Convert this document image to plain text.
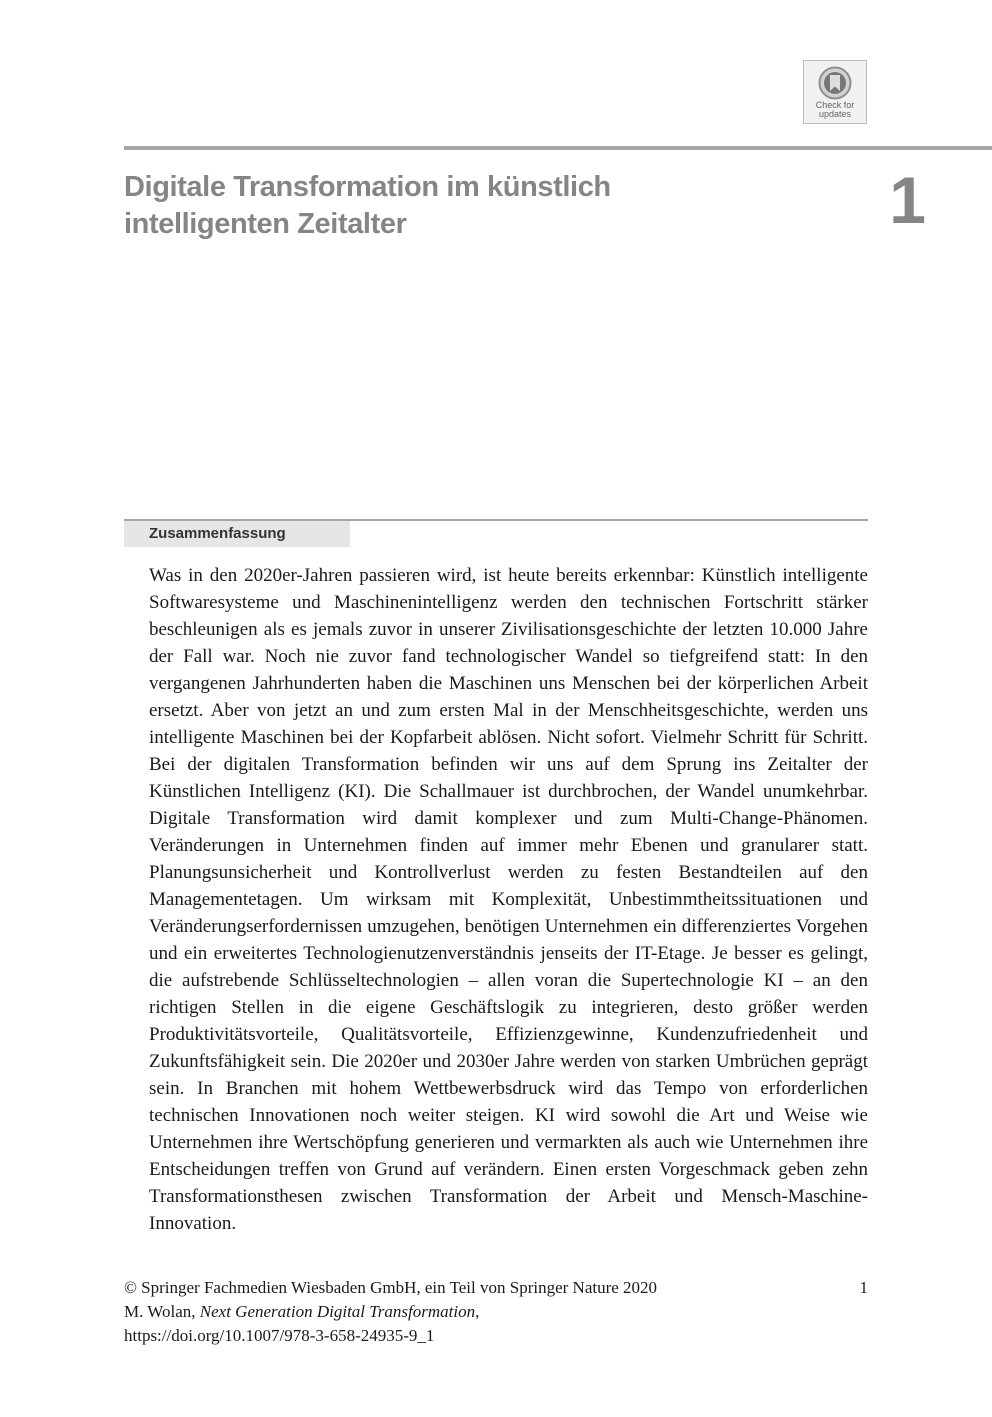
Check for
updates
Digitale Transformation im künstlich intelligenten Zeitalter	1
Zusammenfassung

Was in den 2020er-Jahren passieren wird, ist heute bereits erkennbar: Künstlich intelligente Softwaresysteme und Maschinenintelligenz werden den technischen Fortschritt stärker beschleunigen als es jemals zuvor in unserer Zivilisationsgeschichte der letzten 10.000 Jahre der Fall war. Noch nie zuvor fand technologischer Wandel so tiefgreifend statt: In den vergangenen Jahrhunderten haben die Maschinen uns Menschen bei der körperlichen Arbeit ersetzt. Aber von jetzt an und zum ersten Mal in der Menschheitsgeschichte, werden uns intelligente Maschinen bei der Kopfarbeit ablösen. Nicht sofort. Vielmehr Schritt für Schritt. Bei der digitalen Transformation befinden wir uns auf dem Sprung ins Zeitalter der Künstlichen Intelligenz (KI). Die Schallmauer ist durchbrochen, der Wandel unumkehrbar. Digitale Transformation wird damit komplexer und zum Multi-Change-Phänomen. Veränderungen in Unternehmen finden auf immer mehr Ebenen und granularer statt. Planungsunsicherheit und Kontrollverlust werden zu festen Bestandteilen auf den Managementetagen. Um wirksam mit Komplexität, Unbestimmtheitssituationen und Veränderungserfordernissen umzugehen, benötigen Unternehmen ein differenziertes Vorgehen und ein erweitertes Technologienutzenverständnis jenseits der IT-Etage. Je besser es gelingt, die aufstrebende Schlüsseltechnologien – allen voran die Supertechnologie KI – an den richtigen Stellen in die eigene Geschäftslogik zu integrieren, desto größer werden Produktivitätsvorteile, Qualitätsvorteile, Effizienzgewinne, Kundenzufriedenheit und Zukunftsfähigkeit sein. Die 2020er und 2030er Jahre werden von starken Umbrüchen geprägt sein. In Branchen mit hohem Wettbewerbsdruck wird das Tempo von erforderlichen technischen Innovationen noch weiter steigen. KI wird sowohl die Art und Weise wie Unternehmen ihre Wertschöpfung generieren und vermarkten als auch wie Unternehmen ihre Entscheidungen treffen von Grund auf verändern. Einen ersten Vorgeschmack geben zehn Transformationsthesen zwischen Transformation der Arbeit und Mensch-Maschine-Innovation.

© Springer Fachmedien Wiesbaden GmbH, ein Teil von Springer Nature 2020
M. Wolan, Next Generation Digital Transformation,
https://doi.org/10.1007/978-3-658-24935-9_1
1
